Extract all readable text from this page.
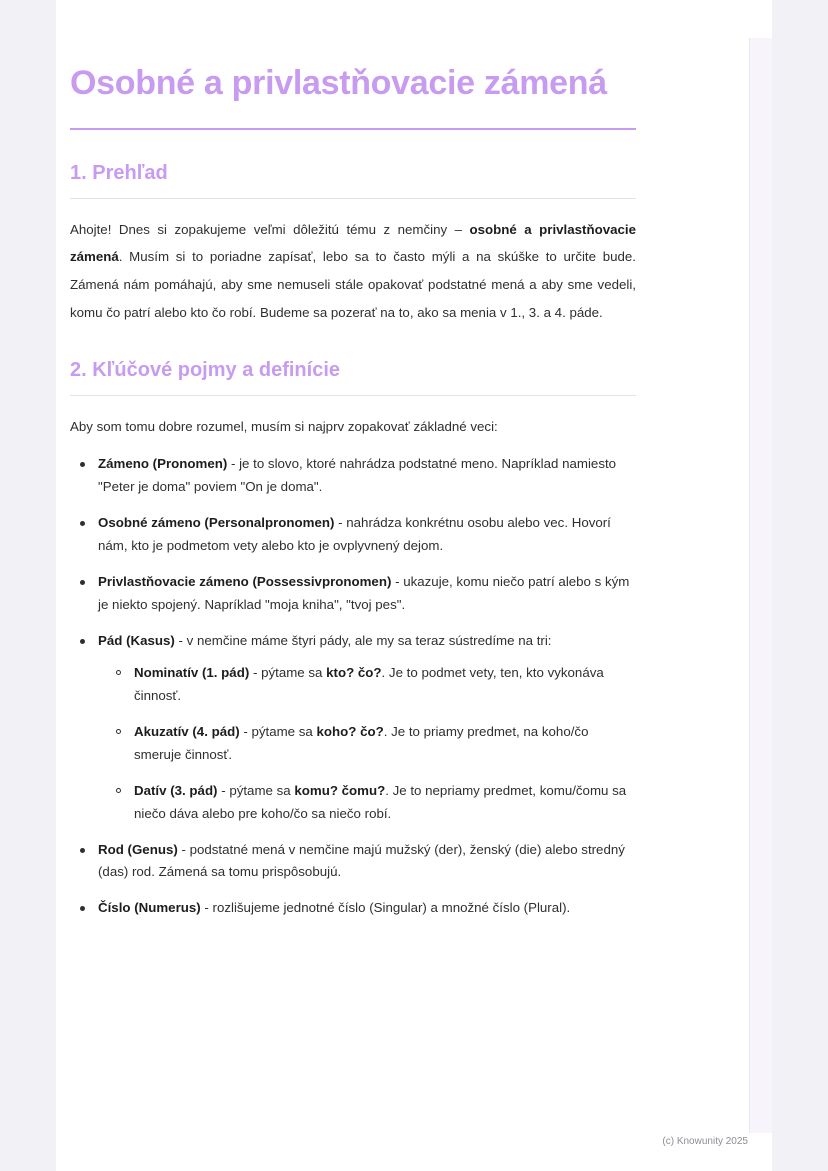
Osobné a privlastňovacie zámená
1. Prehľad

Ahojte! Dnes si zopakujeme veľmi dôležitú tému z nemčiny – osobné a privlastňovacie zámená. Musím si to poriadne zapísať, lebo sa to často mýli a na skúške to určite bude. Zámená nám pomáhajú, aby sme nemuseli stále opakovať podstatné mená a aby sme vedeli, komu čo patrí alebo kto čo robí. Budeme sa pozerať na to, ako sa menia v 1., 3. a 4. páde.

2. Kľúčové pojmy a definície

Aby som tomu dobre rozumel, musím si najprv zopakovať základné veci:

Zámeno (Pronomen) - je to slovo, ktoré nahrádza podstatné meno. Napríklad namiesto "Peter je doma" poviem "On je doma".
Osobné zámeno (Personalpronomen) - nahrádza konkrétnu osobu alebo vec. Hovorí nám, kto je podmetom vety alebo kto je ovplyvnený dejom.
Privlastňovacie zámeno (Possessivpronomen) - ukazuje, komu niečo patrí alebo s kým je niekto spojený. Napríklad "moja kniha", "tvoj pes".
Pád (Kasus) - v nemčine máme štyri pády, ale my sa teraz sústredíme na tri:
Nominatív (1. pád) - pýtame sa kto? čo?. Je to podmet vety, ten, kto vykonáva činnosť.
Akuzatív (4. pád) - pýtame sa koho? čo?. Je to priamy predmet, na koho/čo smeruje činnosť.
Datív (3. pád) - pýtame sa komu? čomu?. Je to nepriamy predmet, komu/čomu sa niečo dáva alebo pre koho/čo sa niečo robí.
Rod (Genus) - podstatné mená v nemčine majú mužský (der), ženský (die) alebo stredný (das) rod. Zámená sa tomu prispôsobujú.
Číslo (Numerus) - rozlišujeme jednotné číslo (Singular) a množné číslo (Plural).
(c) Knowunity 2025
